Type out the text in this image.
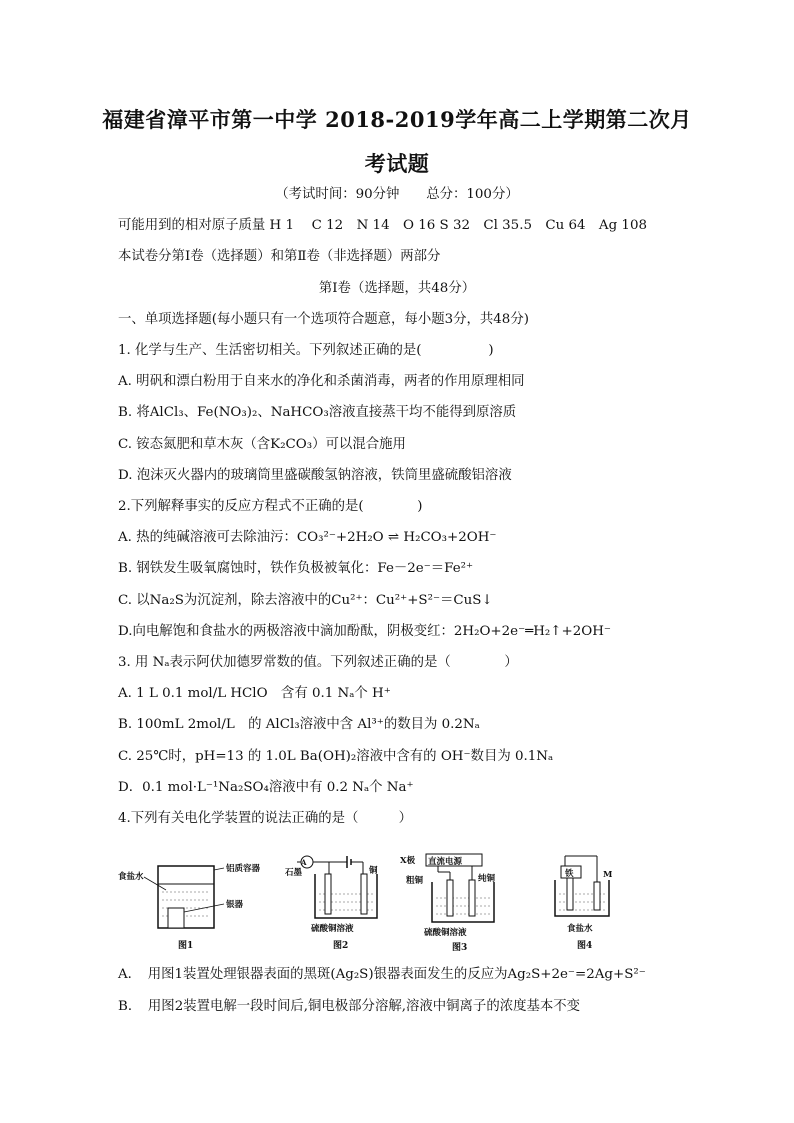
福建省漳平市第一中学 2018-2019学年高二上学期第二次月
考试题
（考试时间：90分钟　　总分：100分）
可能用到的相对原子质量 H 1　 C 12　N 14　O 16 S 32　Cl 35.5　Cu 64　Ag 108
本试卷分第Ⅰ卷（选择题）和第Ⅱ卷（非选择题）两部分
第Ⅰ卷（选择题，共48分）
一、单项选择题(每小题只有一个选项符合题意，每小题3分，共48分)
1. 化学与生产、生活密切相关。下列叙述正确的是(　　　　　)
A. 明矾和漂白粉用于自来水的净化和杀菌消毒，两者的作用原理相同
B. 将AlCl₃、Fe(NO₃)₂、NaHCO₃溶液直接蒸干均不能得到原溶质
C. 铵态氮肥和草木灰（含K₂CO₃）可以混合施用
D. 泡沫灭火器内的玻璃筒里盛碳酸氢钠溶液，铁筒里盛硫酸铝溶液
2.下列解释事实的反应方程式不正确的是(　　　　)
A. 热的纯碱溶液可去除油污：CO₃²⁻+2H₂O ⇌ H₂CO₃+2OH⁻
B. 钢铁发生吸氧腐蚀时，铁作负极被氧化：Fe－2e⁻＝Fe²⁺
C. 以Na₂S为沉淀剂，除去溶液中的Cu²⁺：Cu²⁺+S²⁻＝CuS↓
D.向电解饱和食盐水的两极溶液中滴加酚酞，阴极变红：2H₂O+2e⁻═H₂↑+2OH⁻
3. 用 Nₐ表示阿伏加德罗常数的值。下列叙述正确的是（　　　　）
A. 1 L 0.1 mol/L HClO　含有 0.1 Nₐ个 H⁺
B. 100mL 2mol/L　的 AlCl₃溶液中含 Al³⁺的数目为 0.2Nₐ
C. 25℃时，pH=13 的 1.0L Ba(OH)₂溶液中含有的 OH⁻数目为 0.1Nₐ
D．0.1 mol·L⁻¹Na₂SO₄溶液中有 0.2 Nₐ个 Na⁺
4.下列有关电化学装置的说法正确的是（　　　）
食盐水
铝质容器
银器
图1
A
石墨	铜
硫酸铜溶液
图2
X极 直流电源
粗铜	纯铜
硫酸铜溶液
图3
铁	M
食盐水
图4
A．　用图1装置处理银器表面的黑斑(Ag₂S)银器表面发生的反应为Ag₂S+2e⁻=2Ag+S²⁻
B．　用图2装置电解一段时间后,铜电极部分溶解,溶液中铜离子的浓度基本不变
